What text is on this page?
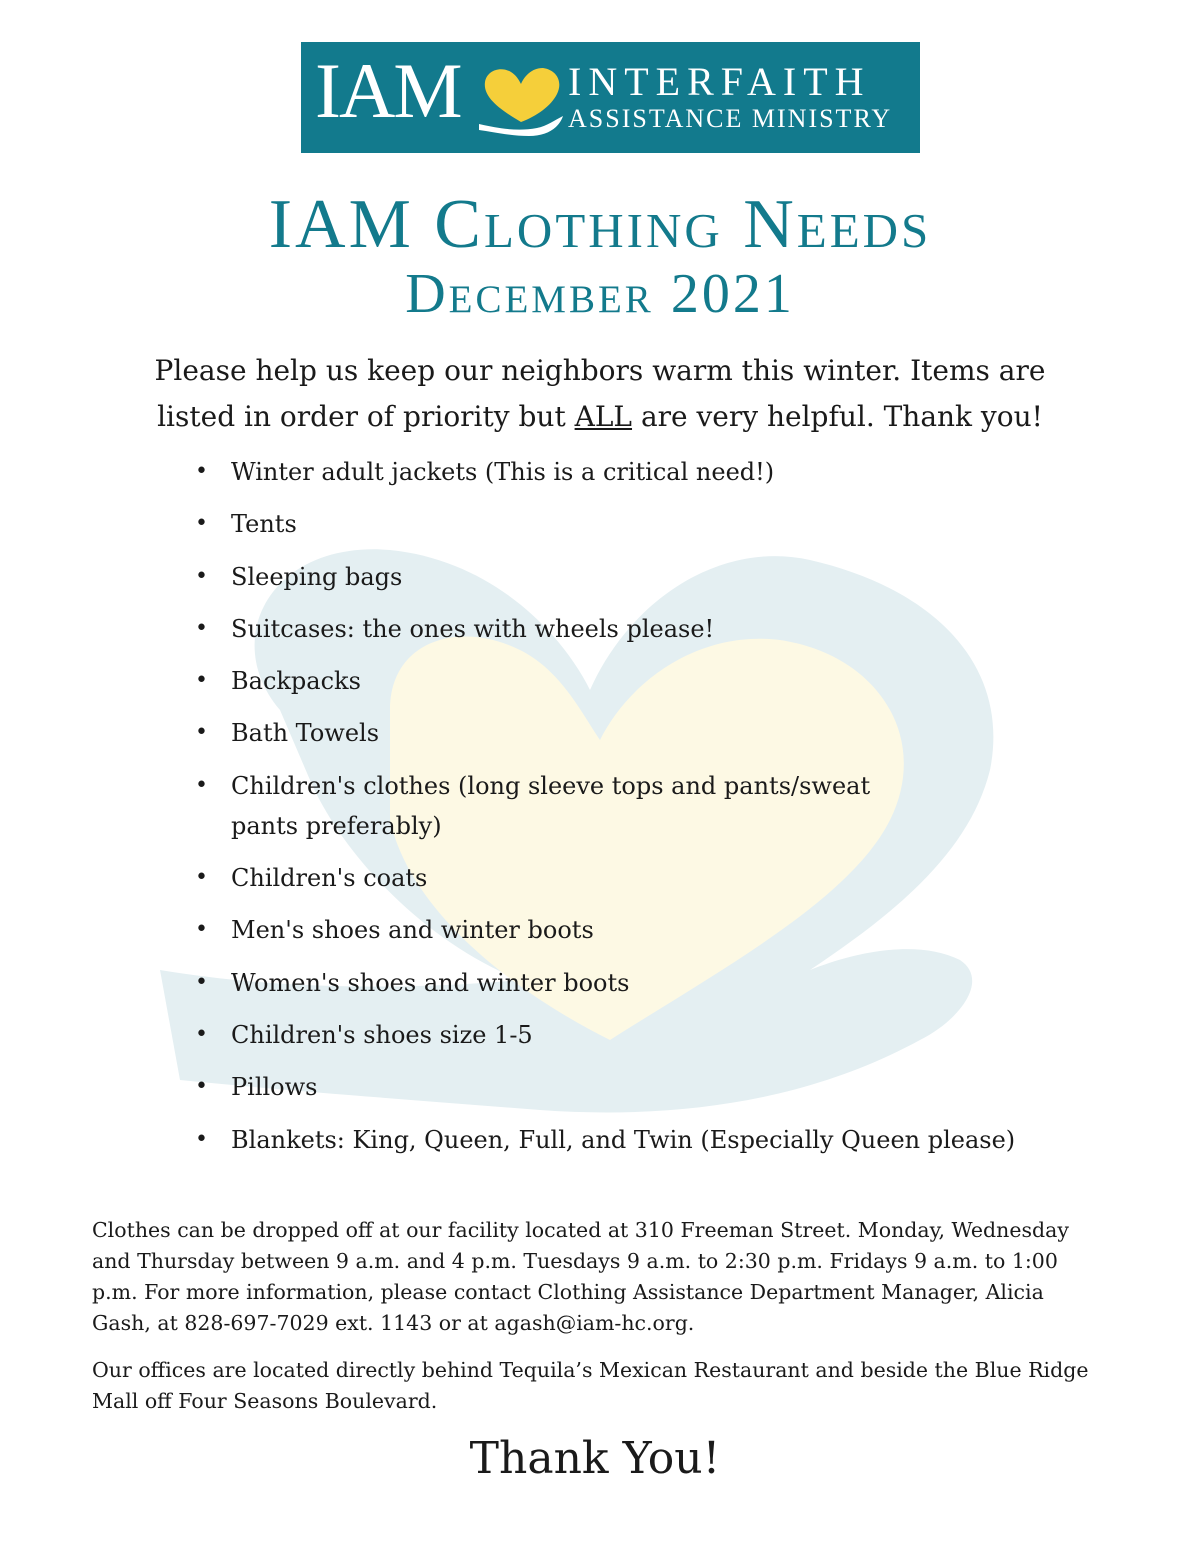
IAM	INTERFAITH
ASSISTANCE MINISTRY
IAM Clothing Needs
December 2021
Please help us keep our neighbors warm this winter. Items are listed in order of priority but ALL are very helpful. Thank you!
• Winter adult jackets (This is a critical need!)
• Tents
• Sleeping bags
• Suitcases: the ones with wheels please!
• Backpacks
• Bath Towels
• Children's clothes (long sleeve tops and pants/sweat pants preferably)
• Children's coats
• Men's shoes and winter boots
• Women's shoes and winter boots
• Children's shoes size 1-5
• Pillows
• Blankets: King, Queen, Full, and Twin (Especially Queen please)

Clothes can be dropped off at our facility located at 310 Freeman Street. Monday, Wednesday and Thursday between 9 a.m. and 4 p.m. Tuesdays 9 a.m. to 2:30 p.m. Fridays 9 a.m. to 1:00 p.m. For more information, please contact Clothing Assistance Department Manager, Alicia Gash, at 828-697-7029 ext. 1143 or at agash@iam-hc.org.

Our offices are located directly behind Tequila’s Mexican Restaurant and beside the Blue Ridge Mall off Four Seasons Boulevard.

Thank You!
